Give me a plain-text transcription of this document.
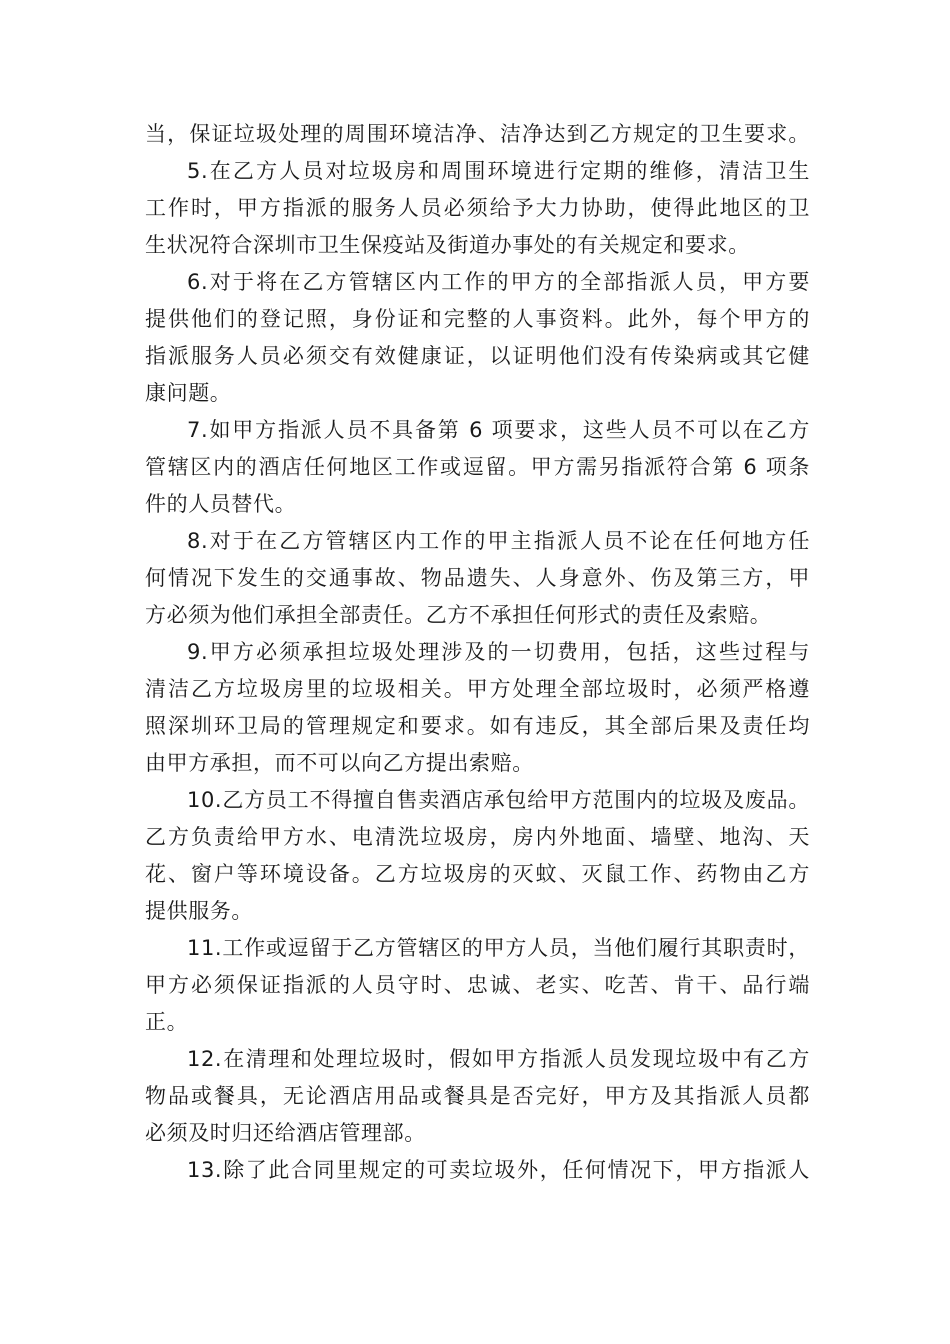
当，保证垃圾处理的周围环境洁净、洁净达到乙方规定的卫生要求。
5.在乙方人员对垃圾房和周围环境进行定期的维修，清洁卫生
工作时，甲方指派的服务人员必须给予大力协助，使得此地区的卫
生状况符合深圳市卫生保疫站及街道办事处的有关规定和要求。
6.对于将在乙方管辖区内工作的甲方的全部指派人员，甲方要
提供他们的登记照，身份证和完整的人事资料。此外，每个甲方的
指派服务人员必须交有效健康证，以证明他们没有传染病或其它健
康问题。
7.如甲方指派人员不具备第 6 项要求，这些人员不可以在乙方
管辖区内的酒店任何地区工作或逗留。甲方需另指派符合第 6 项条
件的人员替代。
8.对于在乙方管辖区内工作的甲主指派人员不论在任何地方任
何情况下发生的交通事故、物品遗失、人身意外、伤及第三方，甲
方必须为他们承担全部责任。乙方不承担任何形式的责任及索赔。
9.甲方必须承担垃圾处理涉及的一切费用，包括，这些过程与
清洁乙方垃圾房里的垃圾相关。甲方处理全部垃圾时，必须严格遵
照深圳环卫局的管理规定和要求。如有违反，其全部后果及责任均
由甲方承担，而不可以向乙方提出索赔。
10.乙方员工不得擅自售卖酒店承包给甲方范围内的垃圾及废品。
乙方负责给甲方水、电清洗垃圾房，房内外地面、墙壁、地沟、天
花、窗户等环境设备。乙方垃圾房的灭蚊、灭鼠工作、药物由乙方
提供服务。
11.工作或逗留于乙方管辖区的甲方人员，当他们履行其职责时，
甲方必须保证指派的人员守时、忠诚、老实、吃苦、肯干、品行端
正。
12.在清理和处理垃圾时，假如甲方指派人员发现垃圾中有乙方
物品或餐具，无论酒店用品或餐具是否完好，甲方及其指派人员都
必须及时归还给酒店管理部。
13.除了此合同里规定的可卖垃圾外，任何情况下，甲方指派人
